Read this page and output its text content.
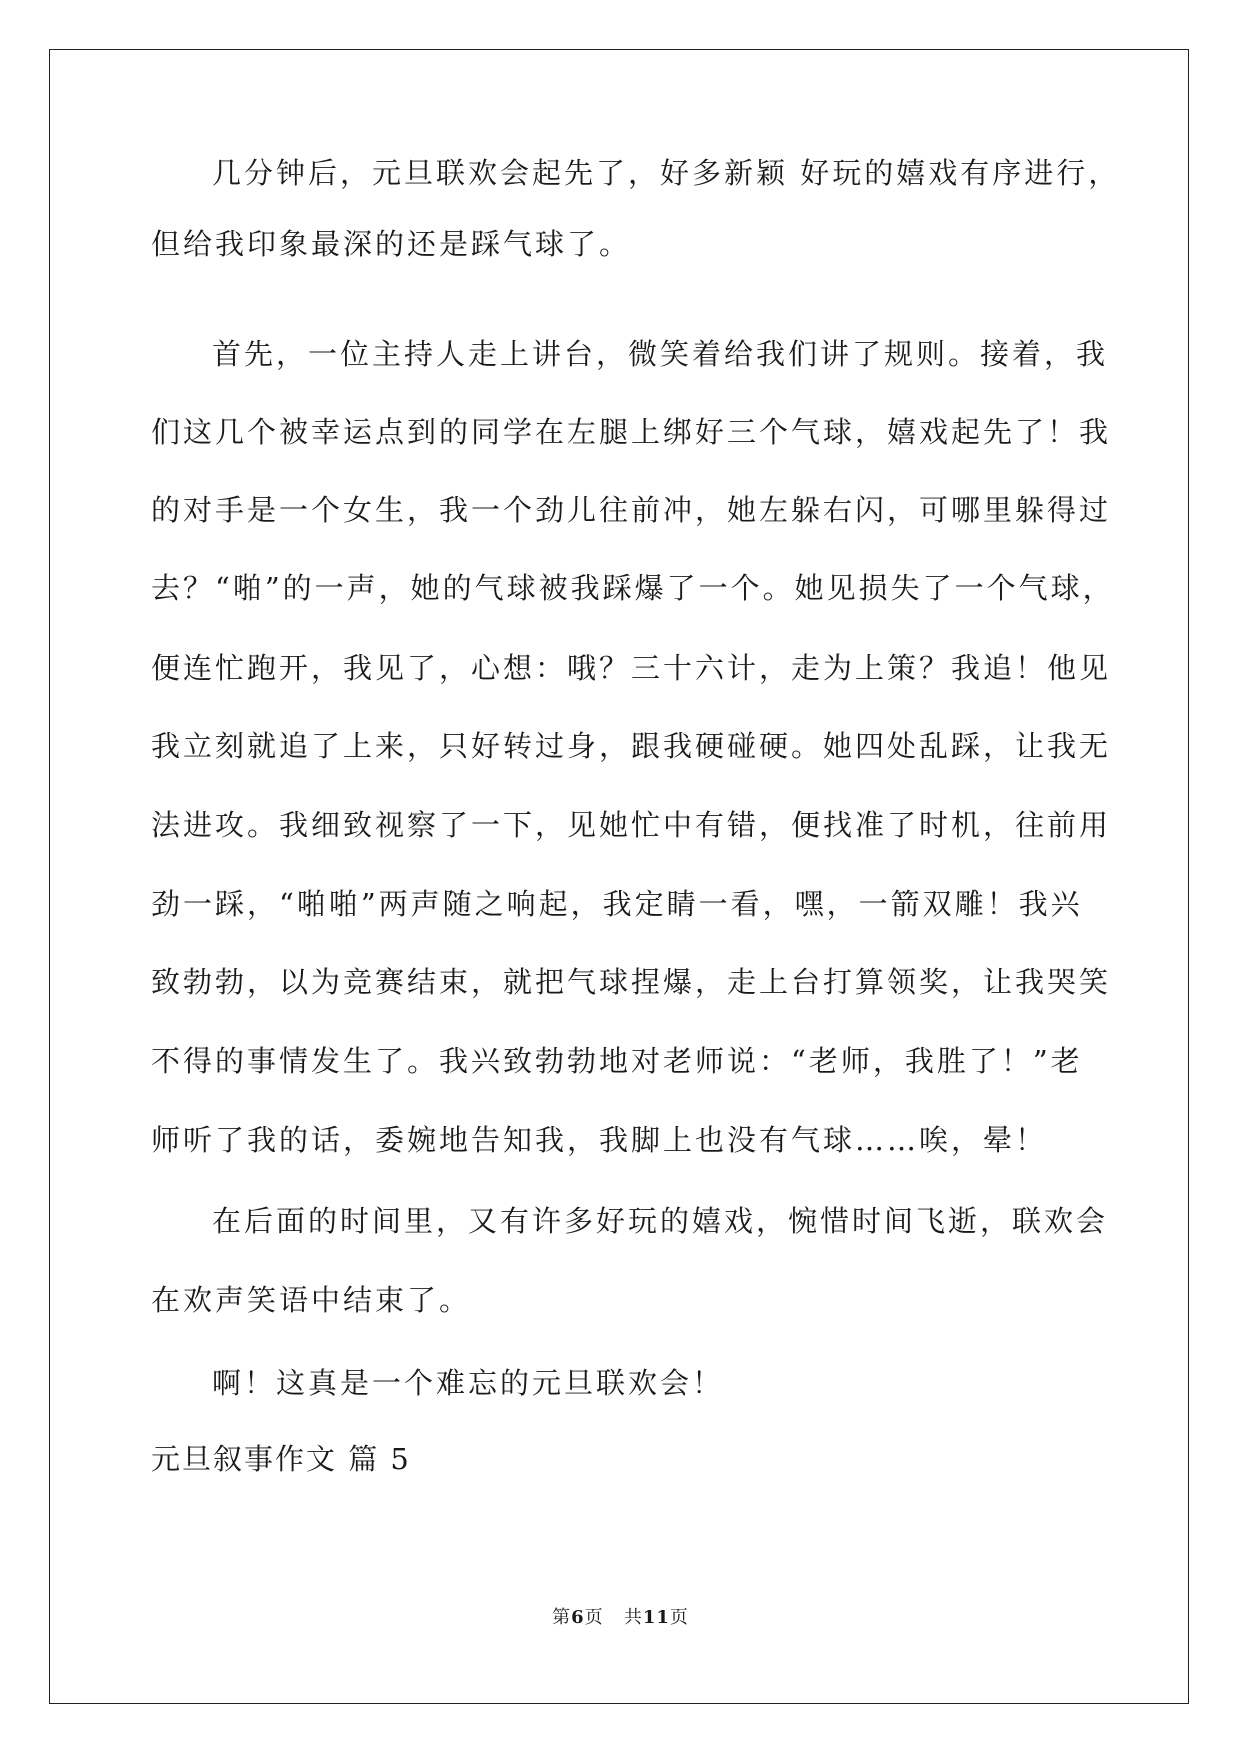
几分钟后，元旦联欢会起先了，好多新颖 好玩的嬉戏有序进行，
但给我印象最深的还是踩气球了。
首先，一位主持人走上讲台，微笑着给我们讲了规则。接着，我
们这几个被幸运点到的同学在左腿上绑好三个气球，嬉戏起先了！我
的对手是一个女生，我一个劲儿往前冲，她左躲右闪，可哪里躲得过
去？“啪”的一声，她的气球被我踩爆了一个。她见损失了一个气球，
便连忙跑开，我见了，心想：哦？三十六计，走为上策？我追！他见
我立刻就追了上来，只好转过身，跟我硬碰硬。她四处乱踩，让我无
法进攻。我细致视察了一下，见她忙中有错，便找准了时机，往前用
劲一踩，“啪啪”两声随之响起，我定睛一看，嘿，一箭双雕！我兴
致勃勃，以为竞赛结束，就把气球捏爆，走上台打算领奖，让我哭笑
不得的事情发生了。我兴致勃勃地对老师说：“老师，我胜了！”老
师听了我的话，委婉地告知我，我脚上也没有气球……唉，晕！
在后面的时间里，又有许多好玩的嬉戏，惋惜时间飞逝，联欢会
在欢声笑语中结束了。
啊！这真是一个难忘的元旦联欢会！
元旦叙事作文 篇 5
第6页 共11页
